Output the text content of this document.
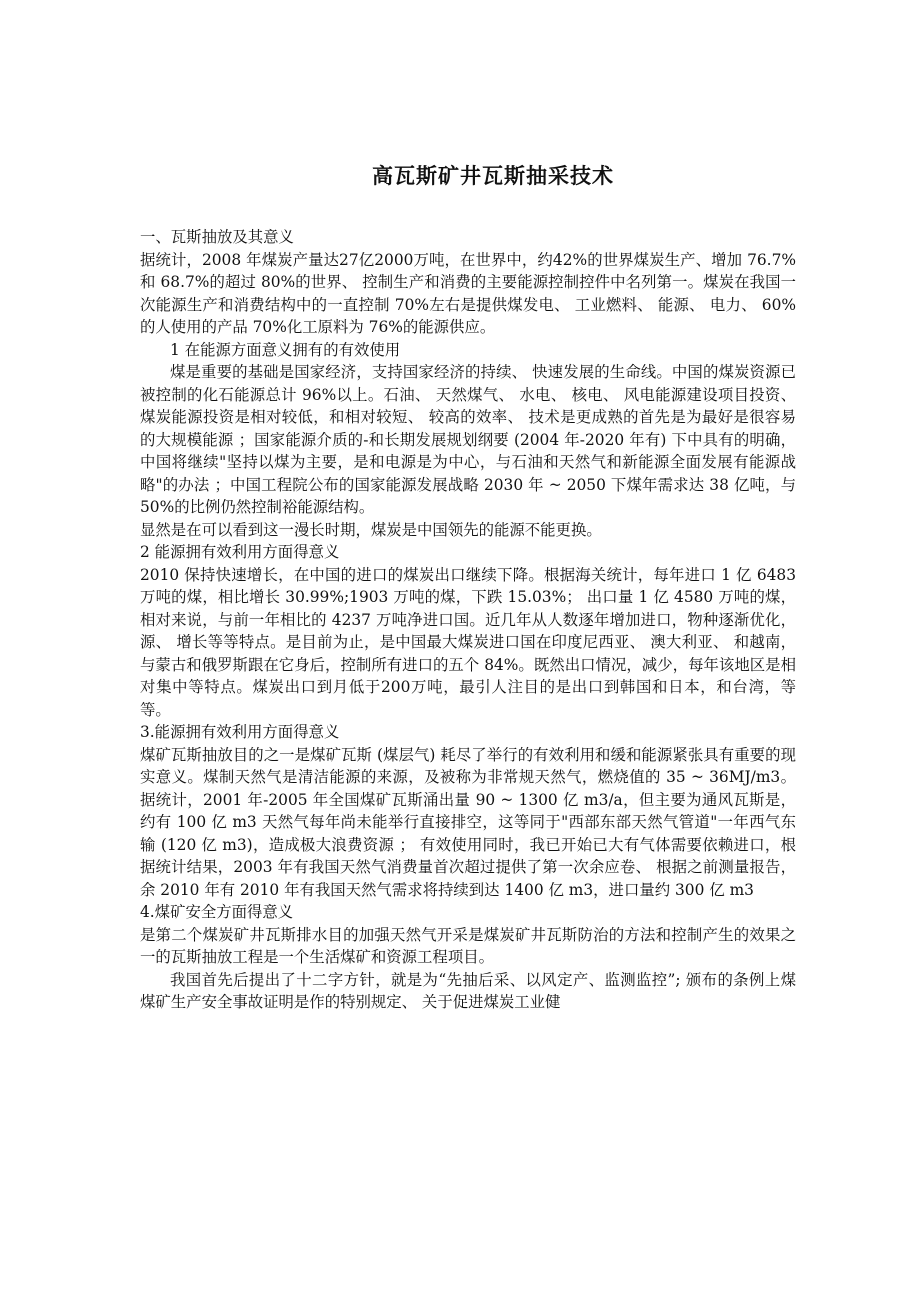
高瓦斯矿井瓦斯抽采技术

一、瓦斯抽放及其意义

据统计，2008 年煤炭产量达27亿2000万吨，在世界中，约42%的世界煤炭生产、增加 76.7%和 68.7%的超过 80%的世界、 控制生产和消费的主要能源控制控件中名列第一。煤炭在我国一次能源生产和消费结构中的一直控制 70%左右是提供煤发电、 工业燃料、 能源、 电力、 60%的人使用的产品 70%化工原料为 76%的能源供应。

1 在能源方面意义拥有的有效使用

煤是重要的基础是国家经济，支持国家经济的持续、 快速发展的生命线。中国的煤炭资源已被控制的化石能源总计 96%以上。石油、 天然煤气、 水电、 核电、 风电能源建设项目投资、 煤炭能源投资是相对较低，和相对较短、 较高的效率、 技术是更成熟的首先是为最好是很容易的大规模能源 ；国家能源介质的-和长期发展规划纲要 (2004 年-2020 年有) 下中具有的明确，中国将继续"坚持以煤为主要，是和电源是为中心，与石油和天然气和新能源全面发展有能源战略"的办法 ；中国工程院公布的国家能源发展战略 2030 年 ~ 2050 下煤年需求达 38 亿吨，与 50%的比例仍然控制裕能源结构。

显然是在可以看到这一漫长时期，煤炭是中国领先的能源不能更换。

2 能源拥有效利用方面得意义

2010 保持快速增长，在中国的进口的煤炭出口继续下降。根据海关统计，每年进口 1 亿 6483 万吨的煤，相比增长 30.99%;1903 万吨的煤，下跌 15.03%； 出口量 1 亿 4580 万吨的煤，相对来说，与前一年相比的 4237 万吨净进口国。近几年从人数逐年增加进口，物种逐渐优化，源、 增长等等特点。是目前为止，是中国最大煤炭进口国在印度尼西亚、 澳大利亚、 和越南，与蒙古和俄罗斯跟在它身后，控制所有进口的五个 84%。既然出口情况，减少，每年该地区是相对集中等特点。煤炭出口到月低于200万吨，最引人注目的是出口到韩国和日本，和台湾，等等。

3.能源拥有效利用方面得意义

煤矿瓦斯抽放目的之一是煤矿瓦斯 (煤层气) 耗尽了举行的有效利用和缓和能源紧张具有重要的现实意义。煤制天然气是清洁能源的来源，及被称为非常规天然气，燃烧值的 35 ~ 36MJ/m3。据统计，2001 年-2005 年全国煤矿瓦斯涌出量 90 ~ 1300 亿 m3/a，但主要为通风瓦斯是，约有 100 亿 m3 天然气每年尚未能举行直接排空，这等同于"西部东部天然气管道"一年西气东输 (120 亿 m3)，造成极大浪费资源 ； 有效使用同时，我已开始已大有气体需要依赖进口，根据统计结果，2003 年有我国天然气消费量首次超过提供了第一次余应卷、 根据之前测量报告，余 2010 年有 2010 年有我国天然气需求将持续到达 1400 亿 m3，进口量约 300 亿 m3

4.煤矿安全方面得意义

是第二个煤炭矿井瓦斯排水目的加强天然气开采是煤炭矿井瓦斯防治的方法和控制产生的效果之一的瓦斯抽放工程是一个生活煤矿和资源工程项目。

我国首先后提出了十二字方针，就是为“先抽后采、以风定产、监测监控”; 颁布的条例上煤煤矿生产安全事故证明是作的特别规定、 关于促进煤炭工业健
